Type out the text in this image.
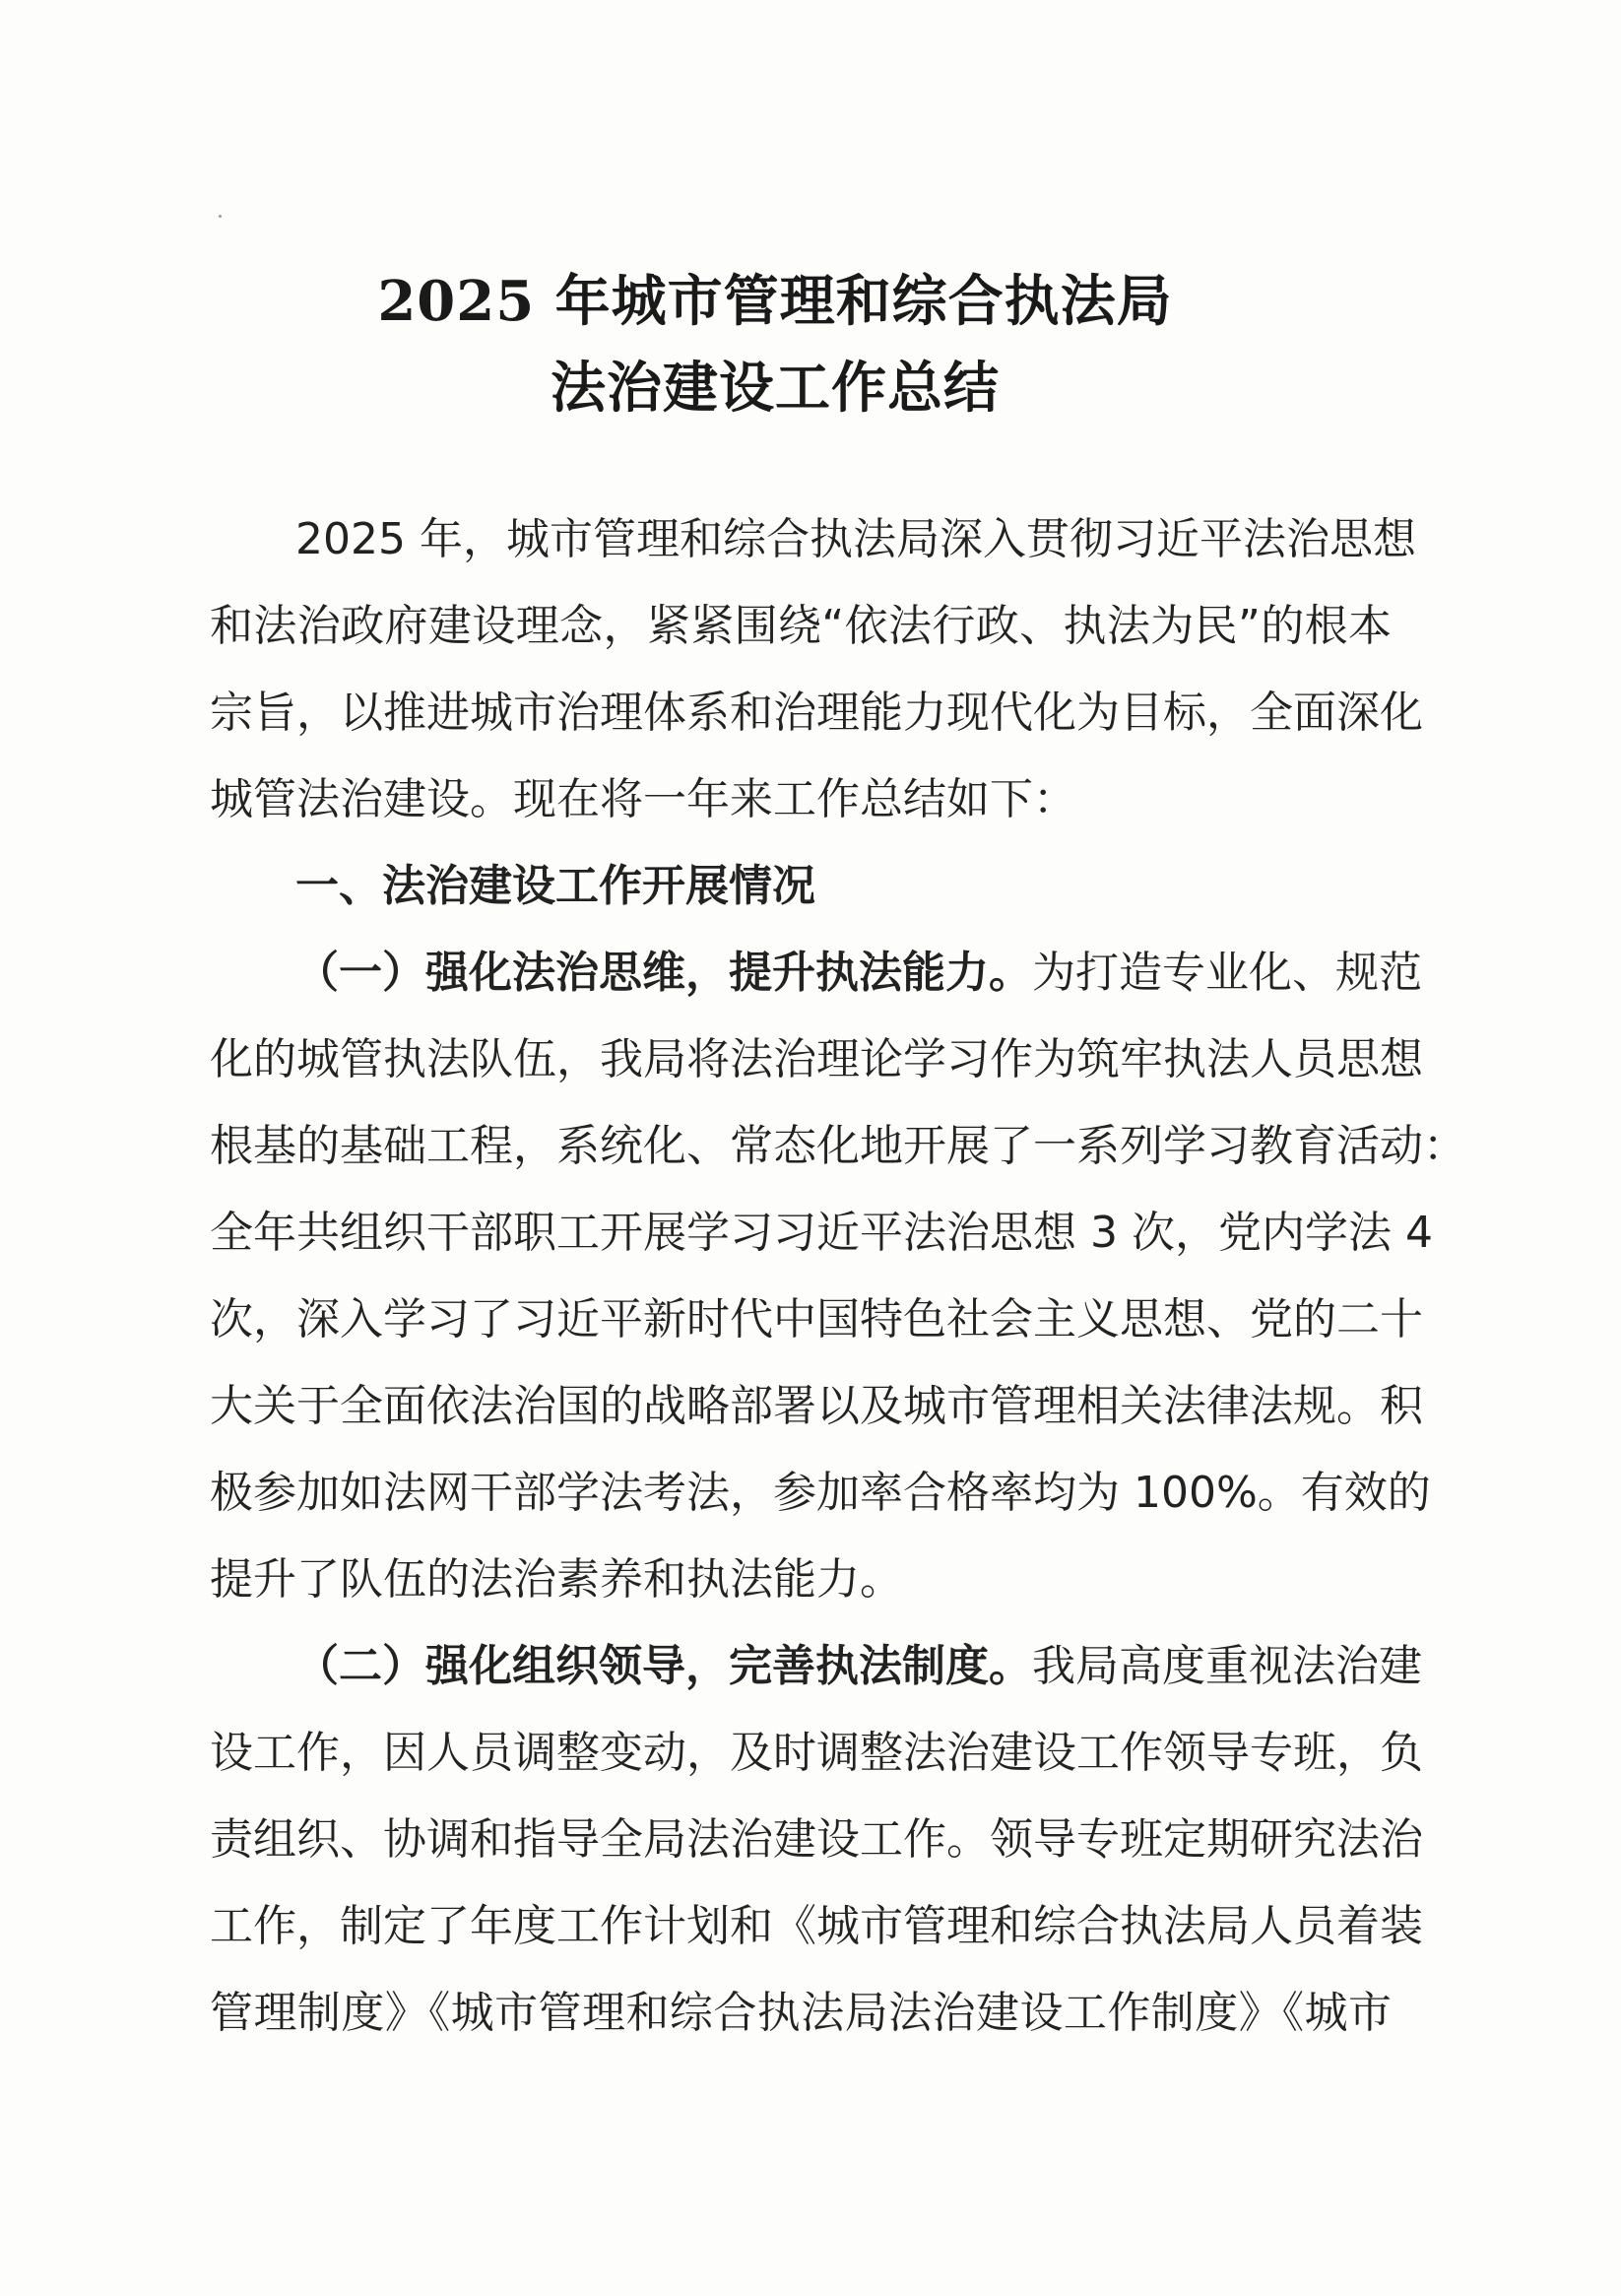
2025 年城市管理和综合执法局
法治建设工作总结
2025 年，城市管理和综合执法局深入贯彻习近平法治思想
和法治政府建设理念，紧紧围绕“依法行政、执法为民”的根本
宗旨，以推进城市治理体系和治理能力现代化为目标，全面深化
城管法治建设。现在将一年来工作总结如下：
一、法治建设工作开展情况
（一）强化法治思维，提升执法能力。为打造专业化、规范
化的城管执法队伍，我局将法治理论学习作为筑牢执法人员思想
根基的基础工程，系统化、常态化地开展了一系列学习教育活动：
全年共组织干部职工开展学习习近平法治思想 3 次，党内学法 4
次，深入学习了习近平新时代中国特色社会主义思想、党的二十
大关于全面依法治国的战略部署以及城市管理相关法律法规。积
极参加如法网干部学法考法，参加率合格率均为 100%。有效的
提升了队伍的法治素养和执法能力。
（二）强化组织领导，完善执法制度。我局高度重视法治建
设工作，因人员调整变动，及时调整法治建设工作领导专班，负
责组织、协调和指导全局法治建设工作。领导专班定期研究法治
工作，制定了年度工作计划和《城市管理和综合执法局人员着装
管理制度》《城市管理和综合执法局法治建设工作制度》《城市
